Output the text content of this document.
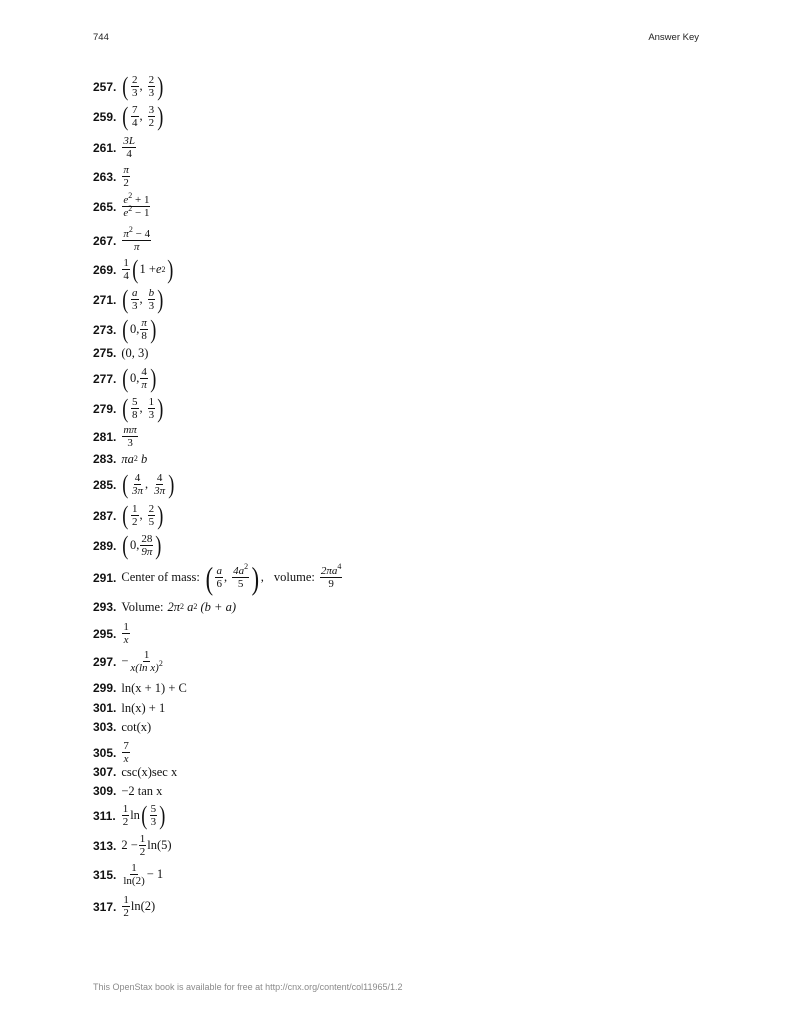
744	Answer Key
257. ( 2
3 , 2
3 )
259. ( 7
4 , 3
2 )
261. 3L
4
263. π
2
265. $e^2 + 1$
$e^2 - 1$
267. $\pi^2 - 4$
π
269. 1
4 ( 1 + e 2 )
271. ( a
3 , b
3 )
273. ( 0, π
8 )
275. (0, 3)
277. ( 0, 4
π )
279. ( 5
8 , 1
3 )
281. mπ
3
283. πa 2
b
285. ( 4
3π , 4
3π )
287. ( 1
2 , 2
5 )
289. ( 0, 28
9π )
291. Center of mass: ( a
6 , $4a^2$
5 ) , volume: $2\pi a^4$
9
293. Volume: 2π 2
a 2
(b + a)
295. 1
x
297. − $\frac{1}{x(\ln x)^2}$
299. ln(x + 1) + C
301. ln(x) + 1
303. cot(x)
305. 7
x
307. csc(x)sec x
309. −2 tan x
311. 1
2 ln ( 5
3 )
313. $2 - \frac{1}{2} \ln(5)$
315. 1
ln(2) − 1
317. 1
2 ln(2)
This OpenStax book is available for free at http://cnx.org/content/col11965/1.2
